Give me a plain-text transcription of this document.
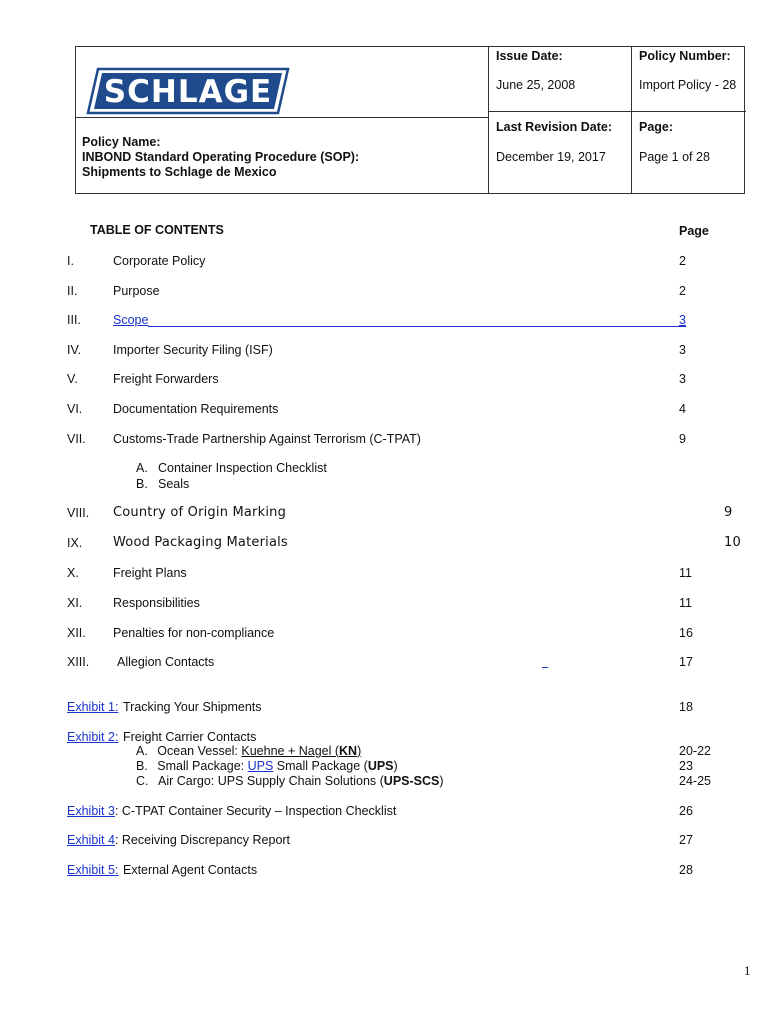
SCHLAGE
Policy Name:
INBOND Standard Operating Procedure (SOP):
Shipments to Schlage de Mexico
Issue Date:
June 25, 2008
Policy Number:
Import Policy - 28
Last Revision Date:
December 19, 2017
Page:
Page 1 of 28
TABLE OF CONTENTS	Page
I.	Corporate Policy	2
II.	Purpose	2
III.	Scope	3
IV.	Importer Security Filing (ISF)	3
V.	Freight Forwarders	3
VI. Documentation Requirements	4
VII. Customs-Trade Partnership Against Terrorism (C-TPAT)	9
A. Container Inspection Checklist
B. Seals
VIII. Country of Origin Marking	9
IX. Wood Packaging Materials	10
X.	Freight Plans	11
XI. Responsibilities	11
XII. Penalties for non-compliance	16
XIII. Allegion Contacts	17
Exhibit 1: Tracking Your Shipments	18
Exhibit 2: Freight Carrier Contacts
A. Ocean Vessel: Kuehne + Nagel (KN)	20-22
B. Small Package: UPS Small Package (UPS)	23
C. Air Cargo: UPS Supply Chain Solutions (UPS-SCS)	24-25
Exhibit 3: C-TPAT Container Security – Inspection Checklist	26
Exhibit 4: Receiving Discrepancy Report	27
Exhibit 5: External Agent Contacts	28
1
